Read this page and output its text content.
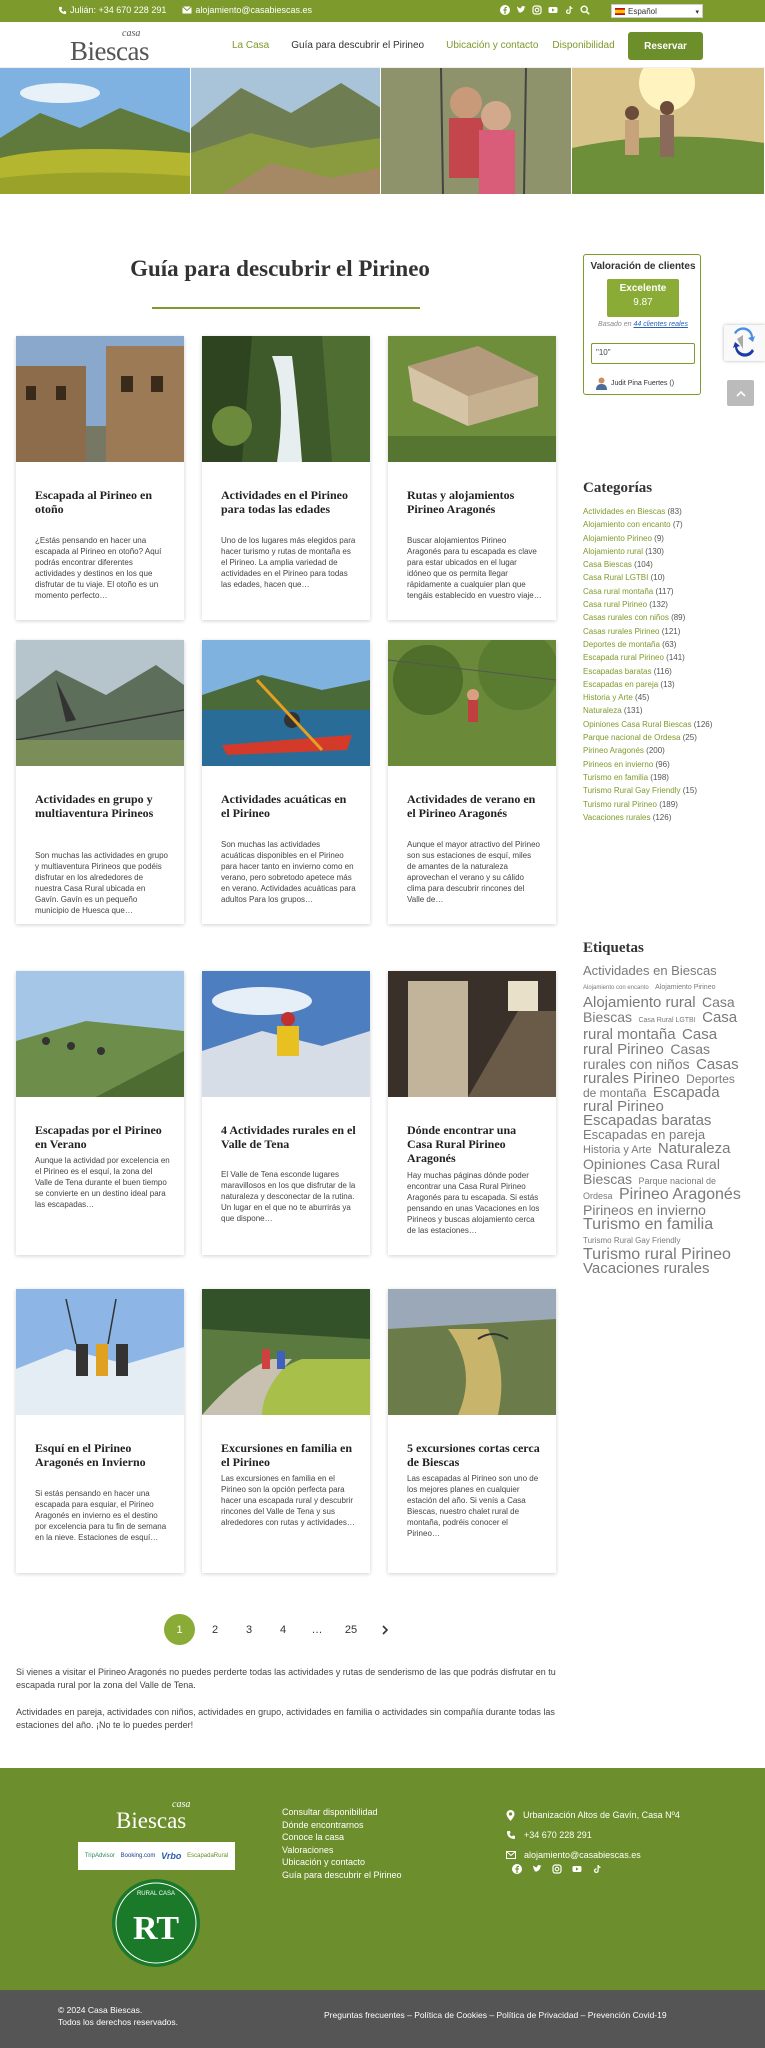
Julián: +34 670 228 291	alojamiento@casabiescas.es	Español	▾
casa
Biescas	La Casa Guía para descubrir el Pirineo Ubicación y contacto Disponibilidad	Reservar
Guía para descubrir el Pirineo
Escapada al Pirineo en otoño

¿Estás pensando en hacer una escapada al Pirineo en otoño? Aquí podrás encontrar diferentes actividades y destinos en los que disfrutar de tu viaje. El otoño es un momento perfecto…

Actividades en el Pirineo para todas las edades

Uno de los lugares más elegidos para hacer turismo y rutas de montaña es el Pirineo. La amplia variedad de actividades en el Pirineo para todas las edades, hacen que…

Rutas y alojamientos Pirineo Aragonés

Buscar alojamientos Pirineo Aragonés para tu escapada es clave para estar ubicados en el lugar idóneo que os permita llegar rápidamente a cualquier plan que tengáis establecido en vuestro viaje…

Actividades en grupo y multiaventura Pirineos

Son muchas las actividades en grupo y multiaventura Pirineos que podéis disfrutar en los alrededores de nuestra Casa Rural ubicada en Gavín. Gavín es un pequeño municipio de Huesca que…

Actividades acuáticas en el Pirineo

Son muchas las actividades acuáticas disponibles en el Pirineo para hacer tanto en invierno como en verano, pero sobretodo apetece más en verano. Actividades acuáticas para adultos Para los grupos…

Actividades de verano en el Pirineo Aragonés

Aunque el mayor atractivo del Pirineo son sus estaciones de esquí, miles de amantes de la naturaleza aprovechan el verano y su cálido clima para descubrir rincones del Valle de…

Escapadas por el Pirineo en Verano

Aunque la actividad por excelencia en el Pirineo es el esquí, la zona del Valle de Tena durante el buen tiempo se convierte en un destino ideal para las escapadas…

4 Actividades rurales en el Valle de Tena

El Valle de Tena esconde lugares maravillosos en los que disfrutar de la naturaleza y desconectar de la rutina. Un lugar en el que no te aburrirás ya que dispone…

Dónde encontrar una Casa Rural Pirineo Aragonés

Hay muchas páginas dónde poder encontrar una Casa Rural Pirineo Aragonés para tu escapada. Si estás pensando en unas Vacaciones en los Pirineos y buscas alojamiento cerca de las estaciones…

Esquí en el Pirineo Aragonés en Invierno

Si estás pensando en hacer una escapada para esquiar, el Pirineo Aragonés en invierno es el destino por excelencia para tu fin de semana en la nieve. Estaciones de esquí…

Excursiones en familia en el Pirineo

Las excursiones en familia en el Pirineo son la opción perfecta para hacer una escapada rural y descubrir rincones del Valle de Tena y sus alrededores con rutas y actividades…

5 excursiones cortas cerca de Biescas

Las escapadas al Pirineo son uno de los mejores planes en cualquier estación del año. Si venís a Casa Biescas, nuestro chalet rural de montaña, podréis conocer el Pirineo…

1	2	3	4	…	25

Si vienes a visitar el Pirineo Aragonés no puedes perderte todas las actividades y rutas de senderismo de las que podrás disfrutar en tu escapada rural por la zona del Valle de Tena.

Actividades en pareja, actividades con niños, actividades en grupo, actividades en familia o actividades sin compañía durante todas las estaciones del año. ¡No te lo puedes perder!

Valoración de clientes
Excelente
9.87
Basado en 44 clientes reales
"10"
Judit Pina Fuertes ()
Categorías
Actividades en Biescas (83)
Alojamiento con encanto (7)
Alojamiento Pirineo (9)
Alojamiento rural (130)
Casa Biescas (104)
Casa Rural LGTBI (10)
Casa rural montaña (117)
Casa rural Pirineo (132)
Casas rurales con niños (89)
Casas rurales Pirineo (121)
Deportes de montaña (63)
Escapada rural Pirineo (141)
Escapadas baratas (116)
Escapadas en pareja (13)
Historia y Arte (45)
Naturaleza (131)
Opiniones Casa Rural Biescas (126)
Parque nacional de Ordesa (25)
Pirineo Aragonés (200)
Pirineos en invierno (96)
Turismo en familia (198)
Turismo Rural Gay Friendly (15)
Turismo rural Pirineo (189)
Vacaciones rurales (126)
Etiquetas
Actividades en Biescas Alojamiento con encanto Alojamiento Pirineo Alojamiento rural Casa Biescas Casa Rural LGTBI Casa rural montaña Casa rural Pirineo Casas rurales con niños Casas rurales Pirineo Deportes de montaña Escapada rural Pirineo Escapadas baratas Escapadas en pareja Historia y Arte Naturaleza Opiniones Casa Rural Biescas Parque nacional de Ordesa Pirineo Aragonés Pirineos en invierno Turismo en familia Turismo Rural Gay Friendly Turismo rural Pirineo Vacaciones rurales
casa
Biescas
TripAdvisor Booking.com Vrbo EscapadaRural
RURAL CASA
RT
Consultar disponibilidad
Dónde encontrarnos
Conoce la casa
Valoraciones
Ubicación y contacto
Guía para descubrir el Pirineo
Urbanización Altos de Gavín, Casa Nº4
+34 670 228 291
alojamiento@casabiescas.es
© 2024 Casa Biescas.
Todos los derechos reservados.
Preguntas frecuentes – Política de Cookies – Política de Privacidad – Prevención Covid-19
